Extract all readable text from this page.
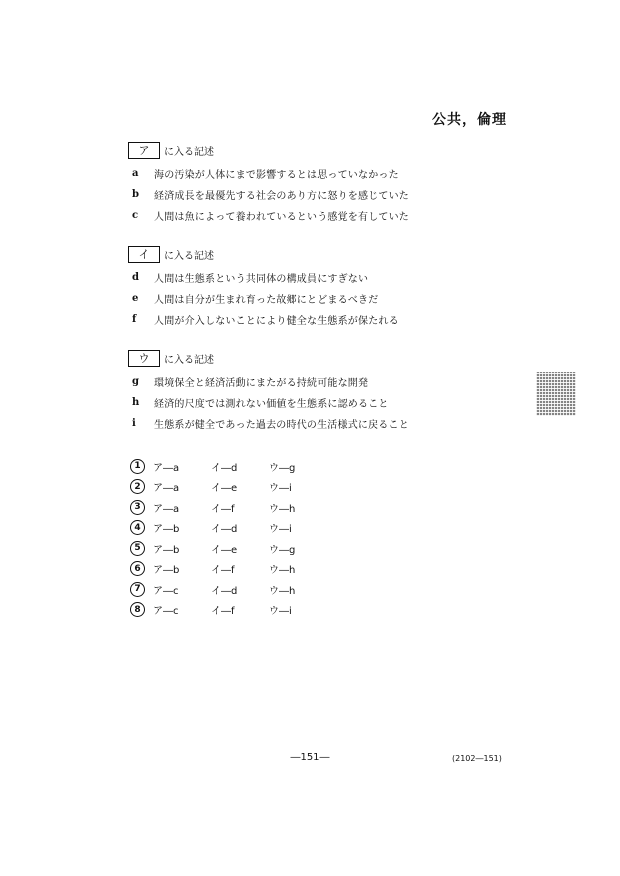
公共，倫理
ア	に入る記述
a	海の汚染が人体にまで影響するとは思っていなかった
b	経済成長を最優先する社会のあり方に怒りを感じていた
c	人間は魚によって養われているという感覚を有していた
イ	に入る記述
d	人間は生態系という共同体の構成員にすぎない
e	人間は自分が生まれ育った故郷にとどまるべきだ
f	人間が介入しないことにより健全な生態系が保たれる
ウ	に入る記述
g	環境保全と経済活動にまたがる持続可能な開発
h	経済的尺度では測れない価値を生態系に認めること
i	生態系が健全であった過去の時代の生活様式に戻ること
1	ア―a	イ―d	ウ―g
2	ア―a	イ―e	ウ―i
3	ア―a	イ―f	ウ―h
4	ア―b	イ―d	ウ―i
5	ア―b	イ―e	ウ―g
6	ア―b	イ―f	ウ―h
7	ア―c	イ―d	ウ―h
8	ア―c	イ―f	ウ―i
―151―	(2102―151)
